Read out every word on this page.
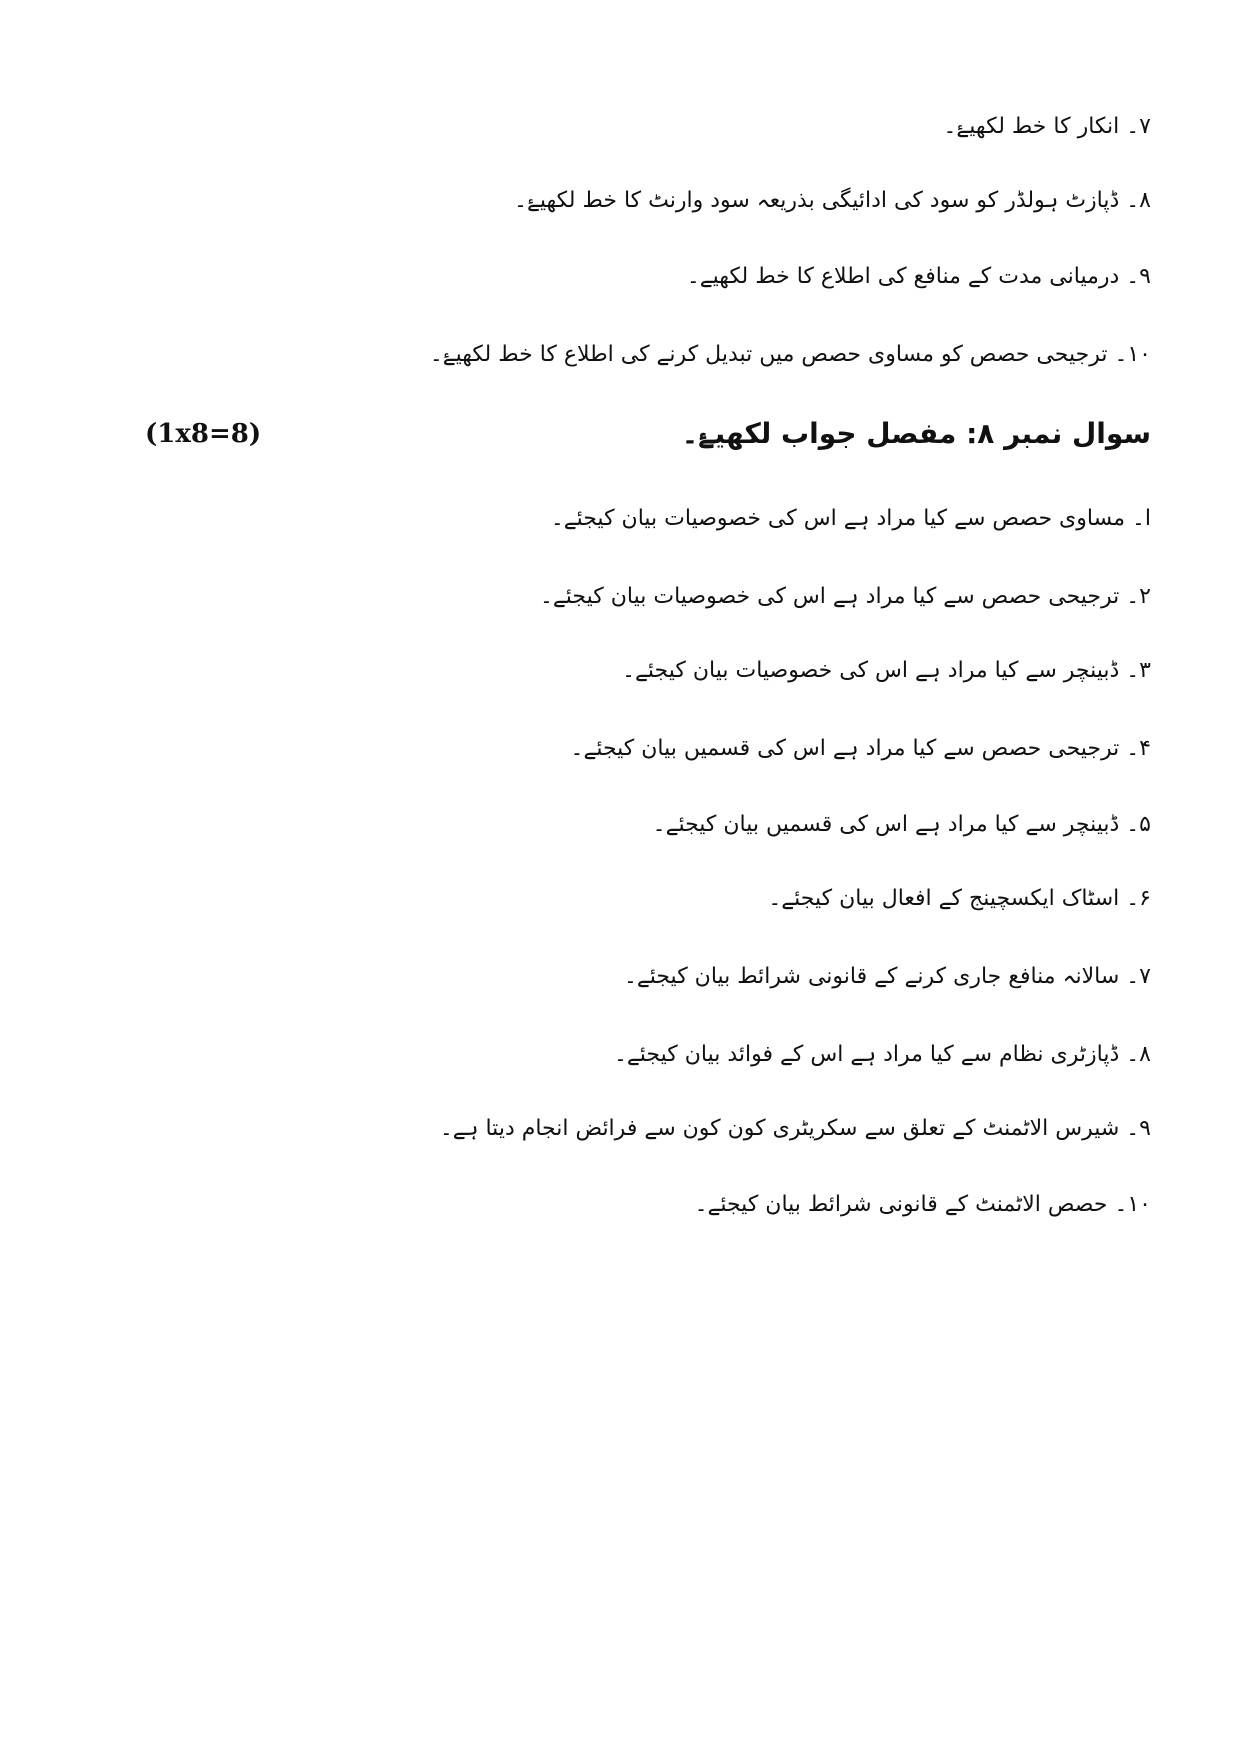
۷۔ انکار کا خط لکھیۓ۔
۸۔ ڈپازٹ ہولڈر کو سود کی ادائیگی بذریعہ سود وارنٹ کا خط لکھیۓ۔
۹۔ درمیانی مدت کے منافع کی اطلاع کا خط لکھیے۔
۱۰۔ ترجیحی حصص کو مساوی حصص میں تبدیل کرنے کی اطلاع کا خط لکھیۓ۔
سوال نمبر ۸: مفصل جواب لکھیۓ۔
(1x8=8)
ا۔ مساوی حصص سے کیا مراد ہے اس کی خصوصیات بیان کیجئے۔
۲۔ ترجیحی حصص سے کیا مراد ہے اس کی خصوصیات بیان کیجئے۔
۳۔ ڈبینچر سے کیا مراد ہے اس کی خصوصیات بیان کیجئے۔
۴۔ ترجیحی حصص سے کیا مراد ہے اس کی قسمیں بیان کیجئے۔
۵۔ ڈبینچر سے کیا مراد ہے اس کی قسمیں بیان کیجئے۔
۶۔ اسٹاک ایکسچینج کے افعال بیان کیجئے۔
۷۔ سالانہ منافع جاری کرنے کے قانونی شرائط بیان کیجئے۔
۸۔ ڈپازٹری نظام سے کیا مراد ہے اس کے فوائد بیان کیجئے۔
۹۔ شیرس الاٹمنٹ کے تعلق سے سکریٹری کون کون سے فرائض انجام دیتا ہے۔
۱۰۔ حصص الاٹمنٹ کے قانونی شرائط بیان کیجئے۔
